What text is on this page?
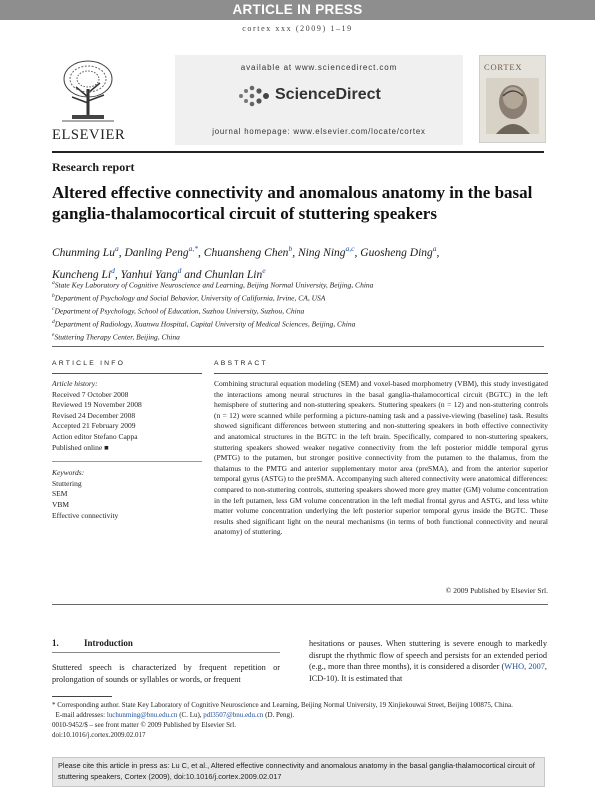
ARTICLE IN PRESS
cortex xxx (2009) 1–19
ELSEVIER
available at www.sciencedirect.com
ScienceDirect
journal homepage: www.elsevier.com/locate/cortex
CORTEX
Research report
Altered effective connectivity and anomalous anatomy in the basal ganglia-thalamocortical circuit of stuttering speakers
Chunming Lu$^a$, Danling Peng$^{a,*}$, Chuansheng Chen$^b$, Ning Ning$^{a,c}$, Guosheng Ding$^a$,
Kuncheng Li$^d$, Yanhui Yang$^d$ and Chunlan Lin$^e$
$^a$State Key Laboratory of Cognitive Neuroscience and Learning, Beijing Normal University, Beijing, China
$^b$Department of Psychology and Social Behavior, University of California, Irvine, CA, USA
$^c$Department of Psychology, School of Education, Suzhou University, Suzhou, China
$^d$Department of Radiology, Xuanwu Hospital, Capital University of Medical Sciences, Beijing, China
$^e$Stuttering Therapy Center, Beijing, China
ARTICLE INFO	ABSTRACT
Article history:
Received 7 October 2008
Reviewed 19 November 2008
Revised 24 December 2008
Accepted 21 February 2009
Action editor Stefano Cappa
Published online ■
Keywords:
Stuttering
SEM
VBM
Effective connectivity
Combining structural equation modeling (SEM) and voxel-based morphometry (VBM), this study investigated the interactions among neural structures in the basal ganglia-thalamocortical circuit (BGTC) in the left hemisphere of stuttering and non-stuttering speakers. Stuttering speakers (n = 12) and non-stuttering controls (n = 12) were scanned while performing a picture-naming task and a passive-viewing (baseline) task. Results showed significant differences between stuttering and non-stuttering speakers in both effective connectivity and anatomical structures in the BGTC in the left brain. Specifically, compared to non-stuttering speakers, stuttering speakers showed weaker negative connectivity from the left posterior middle temporal gyrus (PMTG) to the putamen, but stronger positive connectivity from the putamen to the thalamus, from the thalamus to the PMTG and anterior supplementary motor area (preSMA), and from the anterior superior temporal gyrus (ASTG) to the preSMA. Accompanying such altered connectivity were anatomical differences: compared to non-stuttering controls, stuttering speakers showed more grey matter (GM) volume concentration in the left putamen, less GM volume concentration in the left medial frontal gyrus and ASTG, and less white matter volume concentration underlying the left posterior superior temporal gyrus inside the BGTC. These results shed significant light on the neural mechanisms (in terms of both functional connectivity and neural anatomy) of stuttering.
© 2009 Published by Elsevier Srl.
1.	Introduction
Stuttered speech is characterized by frequent repetition or prolongation of sounds or syllables or words, or frequent
hesitations or pauses. When stuttering is severe enough to markedly disrupt the rhythmic flow of speech and persists for an extended period (e.g., more than three months), it is considered a disorder (WHO, 2007, ICD-10). It is estimated that
* Corresponding author. State Key Laboratory of Cognitive Neuroscience and Learning, Beijing Normal University, 19 Xinjiekouwai Street, Beijing 100875, China.
E-mail addresses: luchunming@bnu.edu.cn (C. Lu), pdl3507@bnu.edu.cn (D. Peng).
0010-9452/$ – see front matter © 2009 Published by Elsevier Srl.
doi:10.1016/j.cortex.2009.02.017
Please cite this article in press as: Lu C, et al., Altered effective connectivity and anomalous anatomy in the basal ganglia-thalamocortical circuit of stuttering speakers, Cortex (2009), doi:10.1016/j.cortex.2009.02.017
